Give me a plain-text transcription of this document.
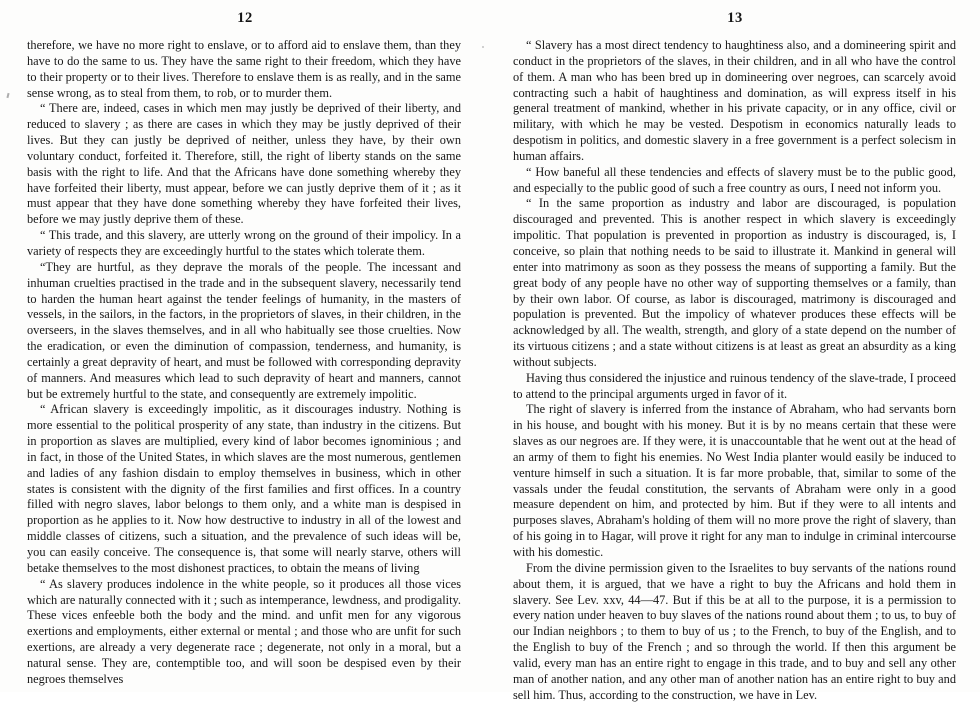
12

therefore, we have no more right to enslave, or to afford aid to enslave them, than they have to do the same to us. They have the same right to their freedom, which they have to their property or to their lives. Therefore to enslave them is as really, and in the same sense wrong, as to steal from them, to rob, or to murder them.

“ There are, indeed, cases in which men may justly be deprived of their liberty, and reduced to slavery ; as there are cases in which they may be justly deprived of their lives. But they can justly be deprived of neither, unless they have, by their own voluntary conduct, forfeited it. Therefore, still, the right of liberty stands on the same basis with the right to life. And that the Africans have done something whereby they have forfeited their liberty, must appear, before we can justly deprive them of it ; as it must appear that they have done something whereby they have forfeited their lives, before we may justly deprive them of these.

“ This trade, and this slavery, are utterly wrong on the ground of their impolicy. In a variety of respects they are exceedingly hurtful to the states which tolerate them.

“They are hurtful, as they deprave the morals of the people. The incessant and inhuman cruelties practised in the trade and in the subsequent slavery, necessarily tend to harden the human heart against the tender feelings of humanity, in the masters of vessels, in the sailors, in the factors, in the proprietors of slaves, in their children, in the overseers, in the slaves themselves, and in all who habitually see those cruelties. Now the eradication, or even the diminution of compassion, tenderness, and humanity, is certainly a great depravity of heart, and must be followed with corresponding depravity of manners. And measures which lead to such depravity of heart and manners, cannot but be extremely hurtful to the state, and consequently are extremely impolitic.

“ African slavery is exceedingly impolitic, as it discourages industry. Nothing is more essential to the political prosperity of any state, than industry in the citizens. But in proportion as slaves are multiplied, every kind of labor becomes ignominious ; and in fact, in those of the United States, in which slaves are the most numerous, gentlemen and ladies of any fashion disdain to employ themselves in business, which in other states is consistent with the dignity of the first families and first offices. In a country filled with negro slaves, labor belongs to them only, and a white man is despised in proportion as he applies to it. Now how destructive to industry in all of the lowest and middle classes of citizens, such a situation, and the prevalence of such ideas will be, you can easily conceive. The consequence is, that some will nearly starve, others will betake themselves to the most dishonest practices, to obtain the means of living

“ As slavery produces indolence in the white people, so it produces all those vices which are naturally connected with it ; such as intemperance, lewdness, and prodigality. These vices enfeeble both the body and the mind. and unfit men for any vigorous exertions and employments, either external or mental ; and those who are unfit for such exertions, are already a very degenerate race ; degenerate, not only in a moral, but a natural sense. They are, contemptible too, and will soon be despised even by their negroes themselves

13

“ Slavery has a most direct tendency to haughtiness also, and a domineering spirit and conduct in the proprietors of the slaves, in their children, and in all who have the control of them. A man who has been bred up in domineering over negroes, can scarcely avoid contracting such a habit of haughtiness and domination, as will express itself in his general treatment of mankind, whether in his private capacity, or in any office, civil or military, with which he may be vested. Despotism in economics naturally leads to despotism in politics, and domestic slavery in a free government is a perfect solecism in human affairs.

“ How baneful all these tendencies and effects of slavery must be to the public good, and especially to the public good of such a free country as ours, I need not inform you.

“ In the same proportion as industry and labor are discouraged, is population discouraged and prevented. This is another respect in which slavery is exceedingly impolitic. That population is prevented in proportion as industry is discouraged, is, I conceive, so plain that nothing needs to be said to illustrate it. Mankind in general will enter into matrimony as soon as they possess the means of supporting a family. But the great body of any people have no other way of supporting themselves or a family, than by their own labor. Of course, as labor is discouraged, matrimony is discouraged and population is prevented. But the impolicy of whatever produces these effects will be acknowledged by all. The wealth, strength, and glory of a state depend on the number of its virtuous citizens ; and a state without citizens is at least as great an absurdity as a king without subjects.

Having thus considered the injustice and ruinous tendency of the slave-trade, I proceed to attend to the principal arguments urged in favor of it.

The right of slavery is inferred from the instance of Abraham, who had servants born in his house, and bought with his money. But it is by no means certain that these were slaves as our negroes are. If they were, it is unaccountable that he went out at the head of an army of them to fight his enemies. No West India planter would easily be induced to venture himself in such a situation. It is far more probable, that, similar to some of the vassals under the feudal constitution, the servants of Abraham were only in a good measure dependent on him, and protected by him. But if they were to all intents and purposes slaves, Abraham's holding of them will no more prove the right of slavery, than of his going in to Hagar, will prove it right for any man to indulge in criminal intercourse with his domestic.

From the divine permission given to the Israelites to buy servants of the nations round about them, it is argued, that we have a right to buy the Africans and hold them in slavery. See Lev. xxv, 44—47. But if this be at all to the purpose, it is a permission to every nation under heaven to buy slaves of the nations round about them ; to us, to buy of our Indian neighbors ; to them to buy of us ; to the French, to buy of the English, and to the English to buy of the French ; and so through the world. If then this argument be valid, every man has an entire right to engage in this trade, and to buy and sell any other man of another nation, and any other man of another nation has an entire right to buy and sell him. Thus, according to the construction, we have in Lev.
